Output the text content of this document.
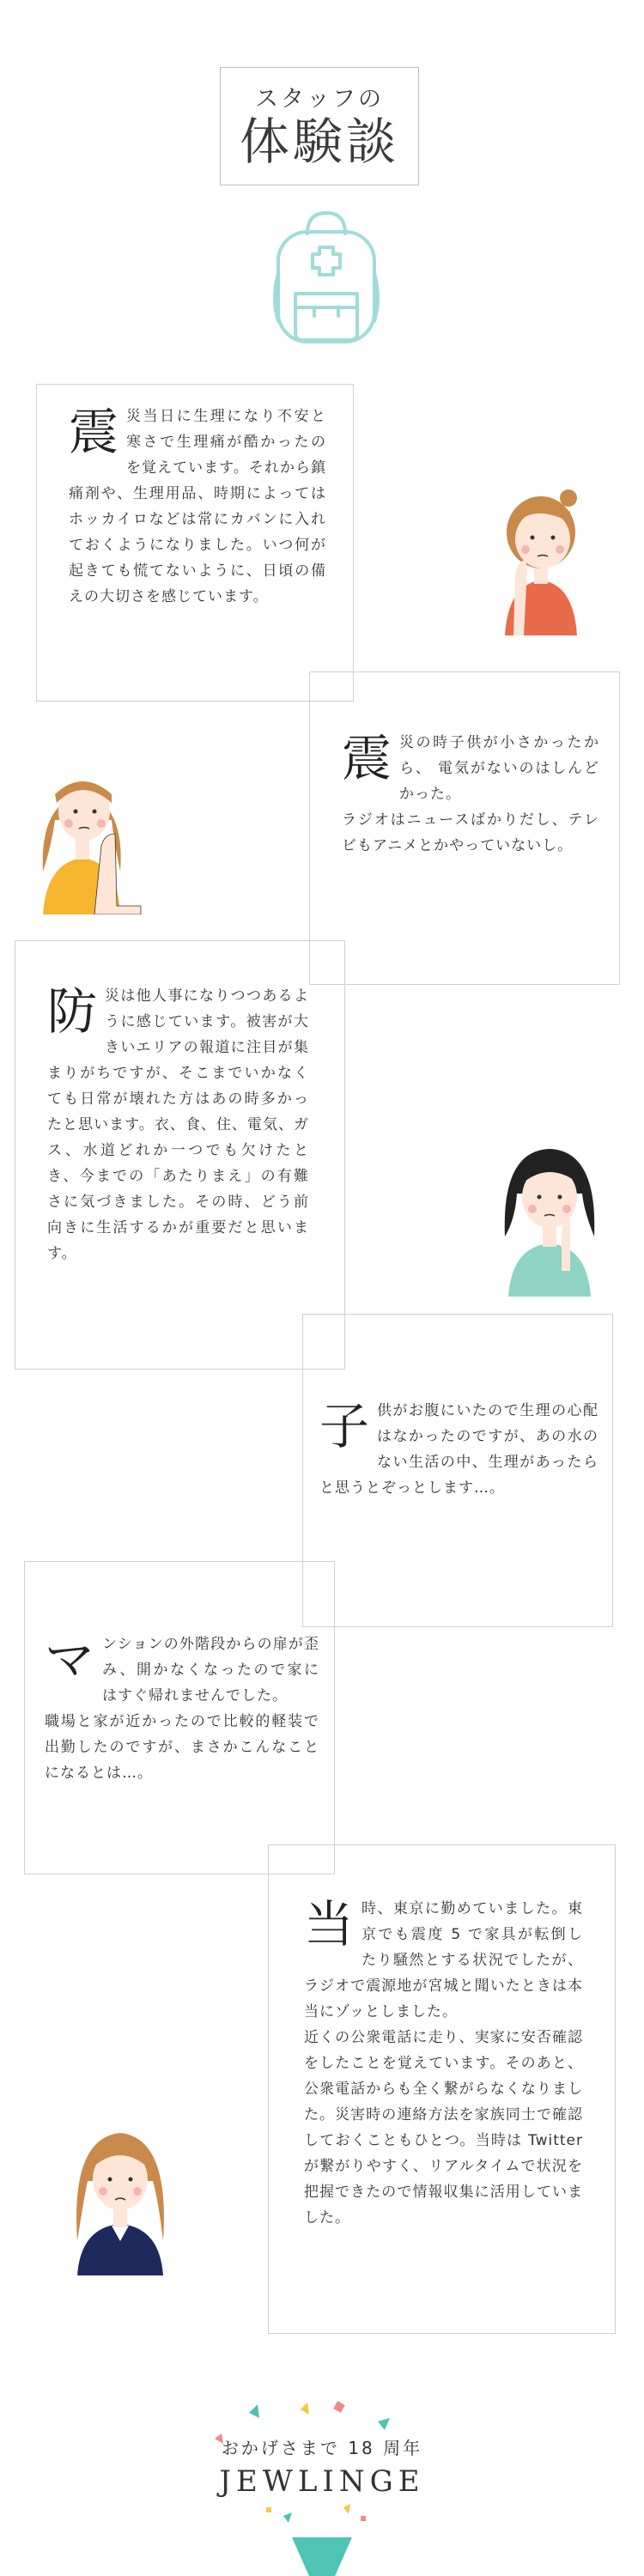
スタッフの
体験談
震災当日に生理になり不安と寒さで生理痛が酷かったのを覚えています。それから鎮痛剤や、生理用品、時期によってはホッカイロなどは常にカバンに入れておくようになりました。いつ何が起きても慌てないように、日頃の備えの大切さを感じています。
震 災の時子供が小さかったから、 電気がないのはしんどかった。
ラジオはニュースばかりだし、テレビもアニメとかやっていないし。
防災は他人事になりつつあるように感じています。被害が大きいエリアの報道に注目が集まりがちですが、そこまでいかなくても日常が壊れた方はあの時多かったと思います。衣、食、住、電気、ガス、水道どれか一つでも欠けたとき、今までの「あたりまえ」の有難さに気づきました。その時、どう前向きに生活するかが重要だと思います。
子供がお腹にいたので生理の心配はなかったのですが、あの水のない生活の中、生理があったらと思うとぞっとします…。
マ ンションの外階段からの扉が歪み、開かなくなったので家にはすぐ帰れませんでした。
職場と家が近かったので比較的軽装で出勤したのですが、まさかこんなことになるとは…。
当 時、東京に勤めていました。東京でも震度 5 で家具が転倒したり騒然とする状況でしたが、ラジオで震源地が宮城と聞いたときは本当にゾッとしました。
近くの公衆電話に走り、実家に安否確認をしたことを覚えています。そのあと、公衆電話からも全く繋がらなくなりました。災害時の連絡方法を家族同士で確認しておくこともひとつ。当時は Twitter が繋がりやすく、リアルタイムで状況を把握できたので情報収集に活用していました。
おかげさまで 18 周年
JEWLINGE
